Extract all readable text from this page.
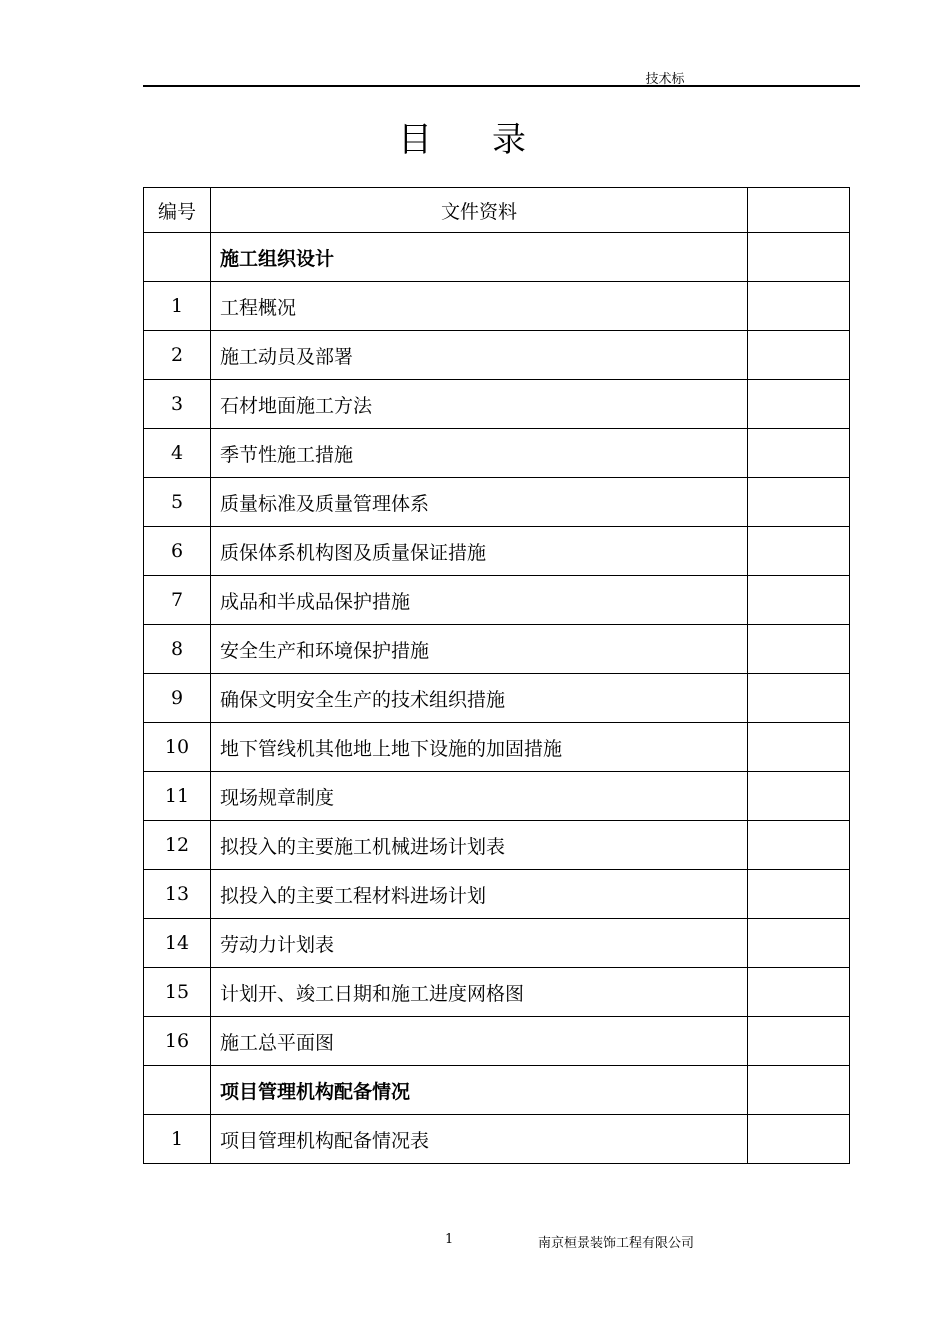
技术标
目录
编号	文件资料	
	施工组织设计	
1	工程概况	
2	施工动员及部署	
3	石材地面施工方法	
4	季节性施工措施	
5	质量标准及质量管理体系	
6	质保体系机构图及质量保证措施	
7	成品和半成品保护措施	
8	安全生产和环境保护措施	
9	确保文明安全生产的技术组织措施	
10	地下管线机其他地上地下设施的加固措施	
11	现场规章制度	
12	拟投入的主要施工机械进场计划表	
13	拟投入的主要工程材料进场计划	
14	劳动力计划表	
15	计划开、竣工日期和施工进度网格图	
16	施工总平面图	
	项目管理机构配备情况	
1	项目管理机构配备情况表	
1	南京桓景装饰工程有限公司
